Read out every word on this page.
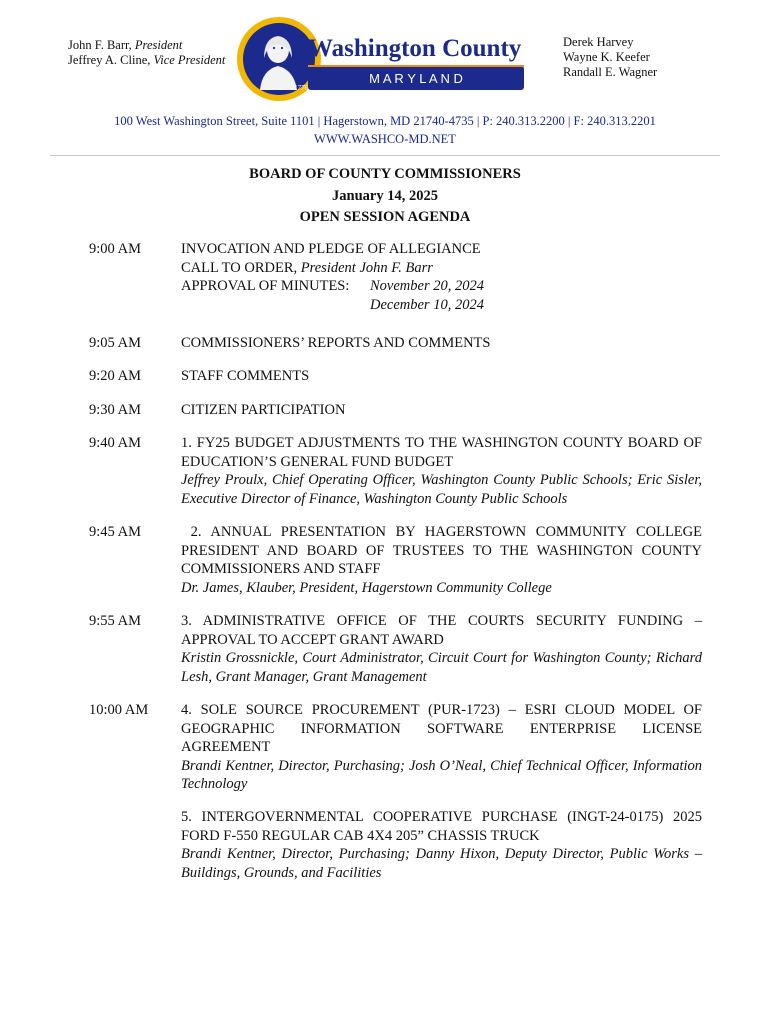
John F. Barr, President
Jeffrey A. Cline, Vice President
Derek Harvey
Wayne K. Keefer
Randall E. Wagner
1776
Washington County
M A R Y L A N D
100 West Washington Street, Suite 1101 | Hagerstown, MD 21740-4735 | P: 240.313.2200 | F: 240.313.2201
WWW.WASHCO-MD.NET
BOARD OF COUNTY COMMISSIONERS
January 14, 2025
OPEN SESSION AGENDA
9:00 AM	INVOCATION AND PLEDGE OF ALLEGIANCE
CALL TO ORDER, President John F. Barr
APPROVAL OF MINUTES:	November 20, 2024
December 10, 2024
9:05 AM	COMMISSIONERS’ REPORTS AND COMMENTS
9:20 AM	STAFF COMMENTS
9:30 AM	CITIZEN PARTICIPATION
9:40 AM	1. FY25 BUDGET ADJUSTMENTS TO THE WASHINGTON COUNTY BOARD OF EDUCATION’S GENERAL FUND BUDGET
Jeffrey Proulx, Chief Operating Officer, Washington County Public Schools; Eric Sisler, Executive Director of Finance, Washington County Public Schools
9:45 AM	2. ANNUAL PRESENTATION BY HAGERSTOWN COMMUNITY COLLEGE PRESIDENT AND BOARD OF TRUSTEES TO THE WASHINGTON COUNTY COMMISSIONERS AND STAFF
Dr. James, Klauber, President, Hagerstown Community College
9:55 AM	3. ADMINISTRATIVE OFFICE OF THE COURTS SECURITY FUNDING – APPROVAL TO ACCEPT GRANT AWARD
Kristin Grossnickle, Court Administrator, Circuit Court for Washington County; Richard Lesh, Grant Manager, Grant Management
10:00 AM 4. SOLE SOURCE PROCUREMENT (PUR-1723) – ESRI CLOUD MODEL OF GEOGRAPHIC INFORMATION SOFTWARE ENTERPRISE LICENSE AGREEMENT
Brandi Kentner, Director, Purchasing; Josh O’Neal, Chief Technical Officer, Information Technology
5. INTERGOVERNMENTAL COOPERATIVE PURCHASE (INGT-24-0175) 2025 FORD F-550 REGULAR CAB 4X4 205” CHASSIS TRUCK
Brandi Kentner, Director, Purchasing; Danny Hixon, Deputy Director, Public Works – Buildings, Grounds, and Facilities
